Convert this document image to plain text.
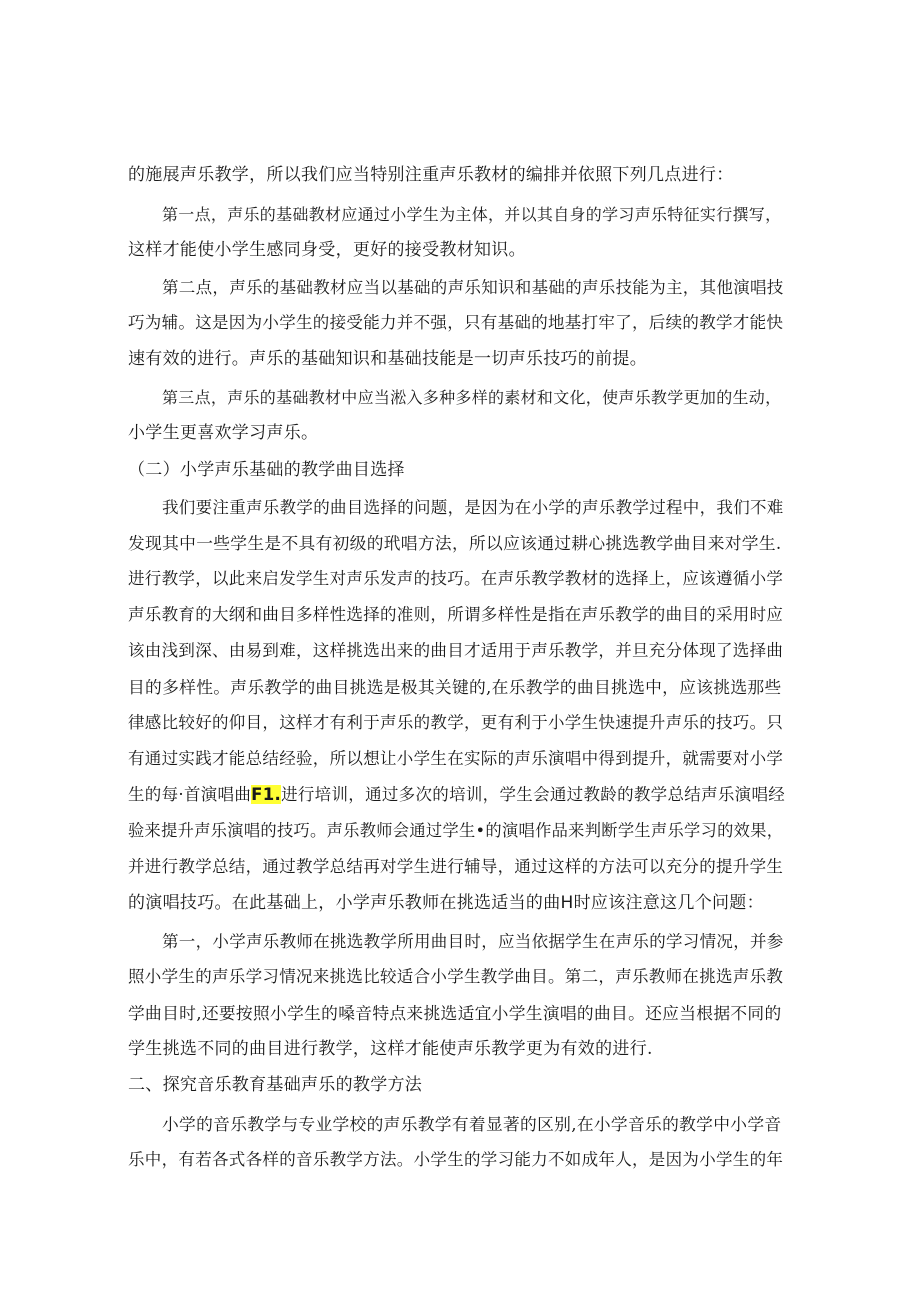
的施展声乐教学，所以我们应当特别注重声乐教材的编排并依照下列几点进行：
第一点，声乐的基础教材应通过小学生为主体，并以其自身的学习声乐特征实行撰写，
这样才能使小学生感同身受，更好的接受教材知识。
第二点，声乐的基础教材应当以基础的声乐知识和基础的声乐技能为主，其他演唱技
巧为辅。这是因为小学生的接受能力并不强，只有基础的地基打牢了，后续的教学才能快
速有效的进行。声乐的基础知识和基础技能是一切声乐技巧的前提。
第三点，声乐的基础教材中应当淞入多种多样的素材和文化，使声乐教学更加的生动，
小学生更喜欢学习声乐。
（二）小学声乐基础的教学曲目选择
我们要注重声乐教学的曲目选择的问题，是因为在小学的声乐教学过程中，我们不难
发现其中一些学生是不具有初级的玳唱方法，所以应该通过耕心挑选教学曲目来对学生.
进行教学，以此来启发学生对声乐发声的技巧。在声乐教学教材的选择上，应该遵循小学
声乐教育的大纲和曲目多样性选择的准则，所谓多样性是指在声乐教学的曲目的采用时应
该由浅到深、由易到难，这样挑选出来的曲目才适用于声乐教学，并旦充分体现了选择曲
目的多样性。声乐教学的曲目挑选是极其关键的,在乐教学的曲目挑选中，应该挑选那些
律感比较好的仰目，这样才有利于声乐的教学，更有利于小学生快速提升声乐的技巧。只
有通过实践才能总结经验，所以想让小学生在实际的声乐演唱中得到提升，就需要对小学
生的每·首演唱曲F1.进行培训，通过多次的培训，学生会通过教龄的教学总结声乐演唱经
验来提升声乐演唱的技巧。声乐教师会通过学生•的演唱作品来判断学生声乐学习的效果，
并进行教学总结，通过教学总结再对学生进行辅导，通过这样的方法可以充分的提升学生
的演唱技巧。在此基础上，小学声乐教师在挑选适当的曲H时应该注意这几个问题：
第一，小学声乐教师在挑选教学所用曲目时，应当依据学生在声乐的学习情况，并参
照小学生的声乐学习情况来挑选比较适合小学生教学曲目。第二，声乐教师在挑选声乐教
学曲目时,还要按照小学生的嗓音特点来挑选适宜小学生演唱的曲目。还应当根据不同的
学生挑选不同的曲目进行教学，这样才能使声乐教学更为有效的进行.
二、探究音乐教育基础声乐的教学方法
小学的音乐教学与专业学校的声乐教学有着显著的区别,在小学音乐的教学中小学音
乐中，有若各式各样的音乐教学方法。小学生的学习能力不如成年人，是因为小学生的年
